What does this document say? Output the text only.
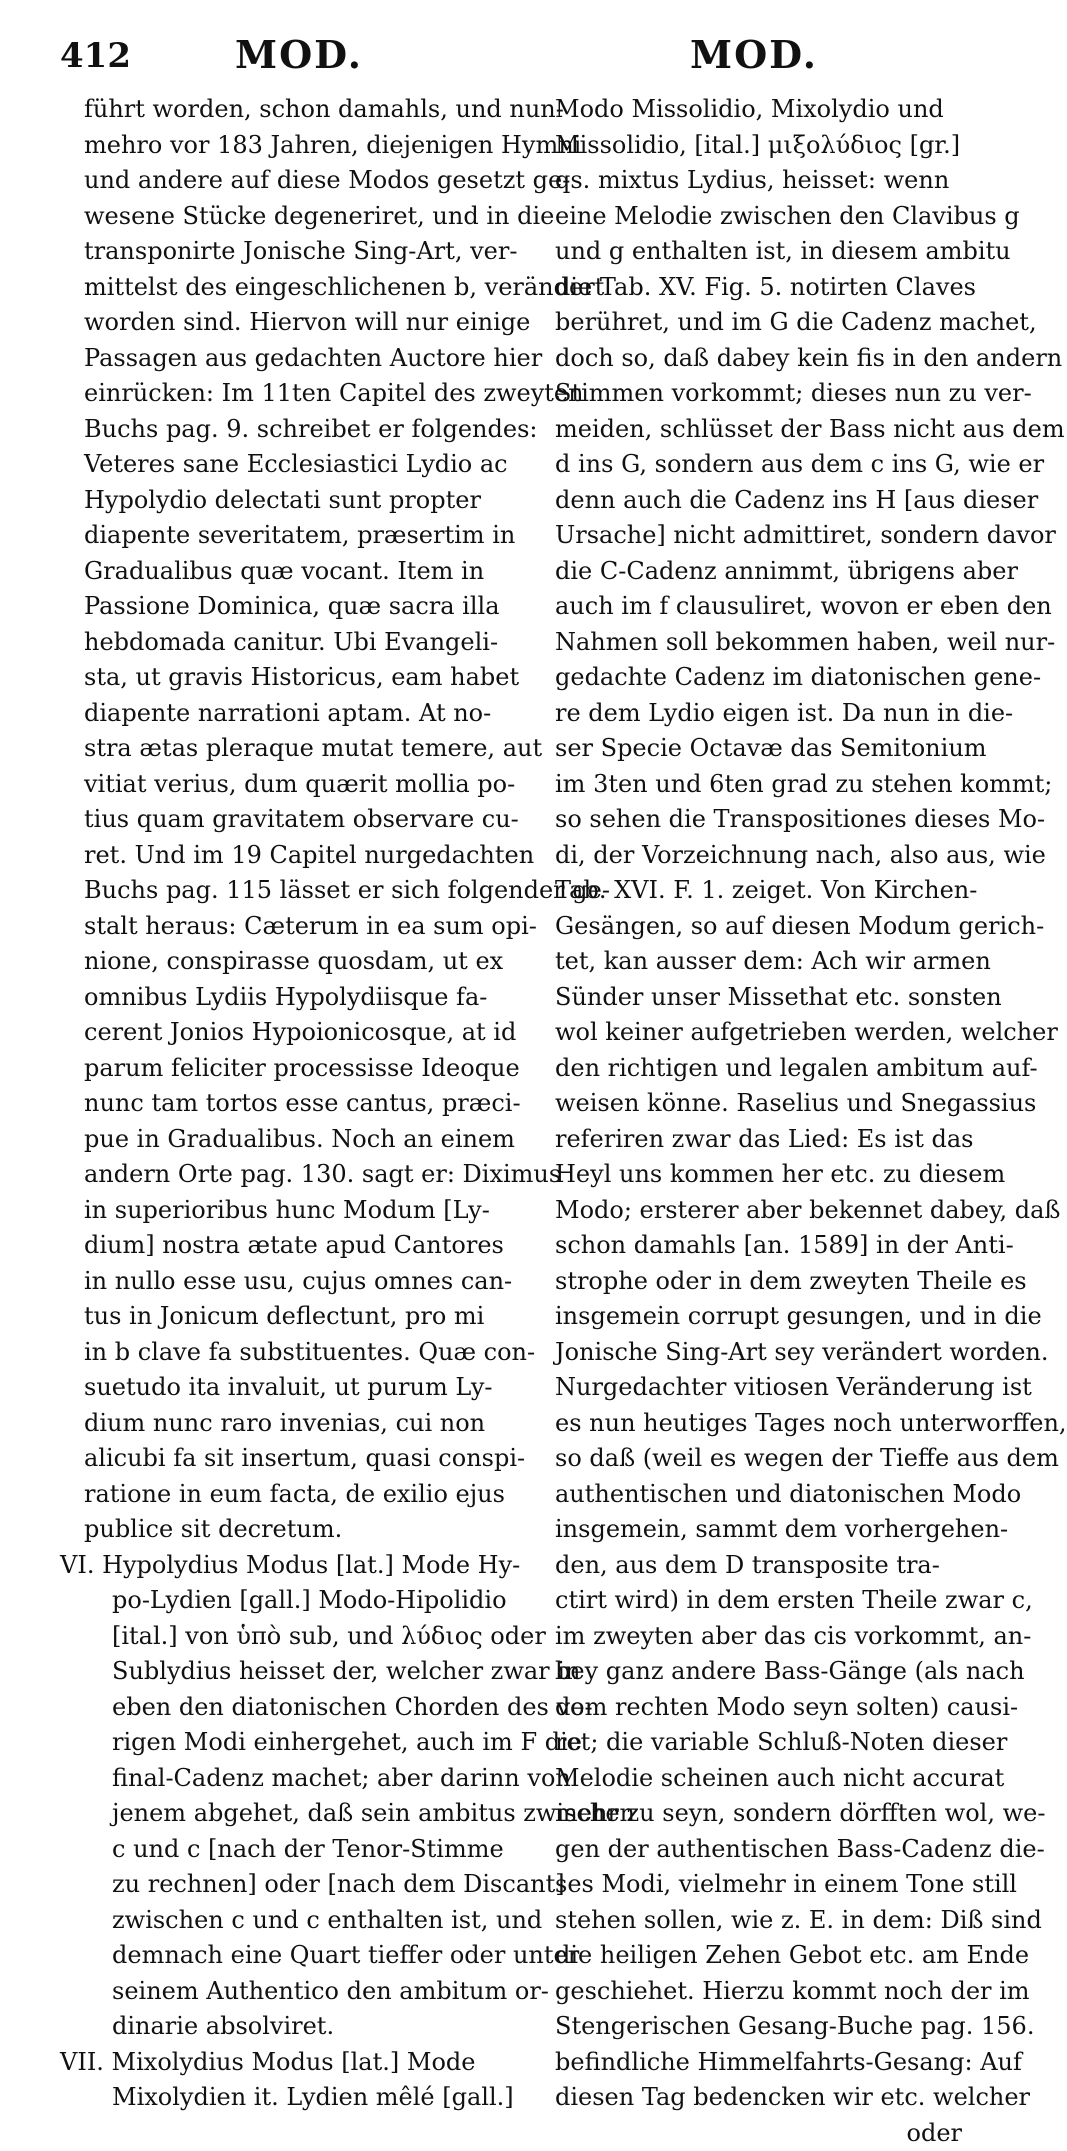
412	MOD.	MOD.
führt worden, schon damahls, und nun-
mehro vor 183 Jahren, diejenigen Hymni
und andere auf diese Modos gesetzt ge-
wesene Stücke degeneriret, und in die
transponirte Jonische Sing-Art, ver-
mittelst des eingeschlichenen b, verändert
worden sind. Hiervon will nur einige
Passagen aus gedachten Auctore hier
einrücken: Im 11ten Capitel des zweyten
Buchs pag. 9. schreibet er folgendes:
Veteres sane Ecclesiastici Lydio ac
Hypolydio delectati sunt propter
diapente severitatem, præsertim in
Gradualibus quæ vocant. Item in
Passione Dominica, quæ sacra illa
hebdomada canitur. Ubi Evangeli-
sta, ut gravis Historicus, eam habet
diapente narrationi aptam. At no-
stra ætas pleraque mutat temere, aut
vitiat verius, dum quærit mollia po-
tius quam gravitatem observare cu-
ret. Und im 19 Capitel nurgedachten
Buchs pag. 115 lässet er sich folgender ge-
stalt heraus: Cæterum in ea sum opi-
nione, conspirasse quosdam, ut ex
omnibus Lydiis Hypolydiisque fa-
cerent Jonios Hypoionicosque, at id
parum feliciter processisse Ideoque
nunc tam tortos esse cantus, præci-
pue in Gradualibus. Noch an einem
andern Orte pag. 130. sagt er: Diximus
in superioribus hunc Modum [Ly-
dium] nostra ætate apud Cantores
in nullo esse usu, cujus omnes can-
tus in Jonicum deflectunt, pro mi
in b clave fa substituentes. Quæ con-
suetudo ita invaluit, ut purum Ly-
dium nunc raro invenias, cui non
alicubi fa sit insertum, quasi conspi-
ratione in eum facta, de exilio ejus
publice sit decretum.
VI. Hypolydius Modus [lat.] Mode Hy-
po-Lydien [gall.] Modo-Hipolidio
[ital.] von ὑπὸ sub, und λύδιος oder
Sublydius heisset der, welcher zwar in
eben den diatonischen Chorden des vo-
rigen Modi einhergehet, auch im F die
final-Cadenz machet; aber darinn von
jenem abgehet, daß sein ambitus zwischen
c und c [nach der Tenor-Stimme
zu rechnen] oder [nach dem Discant]
zwischen c und c enthalten ist, und
demnach eine Quart tieffer oder unter
seinem Authentico den ambitum or-
dinarie absolviret.
VII. Mixolydius Modus [lat.] Mode
Mixolydien it. Lydien mêlé [gall.]
Modo Missolidio, Mixolydio und
Missolidio, [ital.] μιξολύδιος [gr.]
qs. mixtus Lydius, heisset: wenn
eine Melodie zwischen den Clavibus g
und g enthalten ist, in diesem ambitu
die Tab. XV. Fig. 5. notirten Claves
berühret, und im G die Cadenz machet,
doch so, daß dabey kein fis in den andern
Stimmen vorkommt; dieses nun zu ver-
meiden, schlüsset der Bass nicht aus dem
d ins G, sondern aus dem c ins G, wie er
denn auch die Cadenz ins H [aus dieser
Ursache] nicht admittiret, sondern davor
die C-Cadenz annimmt, übrigens aber
auch im f clausuliret, wovon er eben den
Nahmen soll bekommen haben, weil nur-
gedachte Cadenz im diatonischen gene-
re dem Lydio eigen ist. Da nun in die-
ser Specie Octavæ das Semitonium
im 3ten und 6ten grad zu stehen kommt;
so sehen die Transpositiones dieses Mo-
di, der Vorzeichnung nach, also aus, wie
Tab. XVI. F. 1. zeiget. Von Kirchen-
Gesängen, so auf diesen Modum gerich-
tet, kan ausser dem: Ach wir armen
Sünder unser Missethat etc. sonsten
wol keiner aufgetrieben werden, welcher
den richtigen und legalen ambitum auf-
weisen könne. Raselius und Snegassius
referiren zwar das Lied: Es ist das
Heyl uns kommen her etc. zu diesem
Modo; ersterer aber bekennet dabey, daß
schon damahls [an. 1589] in der Anti-
strophe oder in dem zweyten Theile es
insgemein corrupt gesungen, und in die
Jonische Sing-Art sey verändert worden.
Nurgedachter vitiosen Veränderung ist
es nun heutiges Tages noch unterworffen,
so daß (weil es wegen der Tieffe aus dem
authentischen und diatonischen Modo
insgemein, sammt dem vorhergehen-
den, aus dem D transposite tra-
ctirt wird) in dem ersten Theile zwar c,
im zweyten aber das cis vorkommt, an-
bey ganz andere Bass-Gänge (als nach
dem rechten Modo seyn solten) causi-
ret; die variable Schluß-Noten dieser
Melodie scheinen auch nicht accurat
mehr zu seyn, sondern dörfften wol, we-
gen der authentischen Bass-Cadenz die-
ses Modi, vielmehr in einem Tone still
stehen sollen, wie z. E. in dem: Diß sind
die heiligen Zehen Gebot etc. am Ende
geschiehet. Hierzu kommt noch der im
Stengerischen Gesang-Buche pag. 156.
befindliche Himmelfahrts-Gesang: Auf
diesen Tag bedencken wir etc. welcher
oder
